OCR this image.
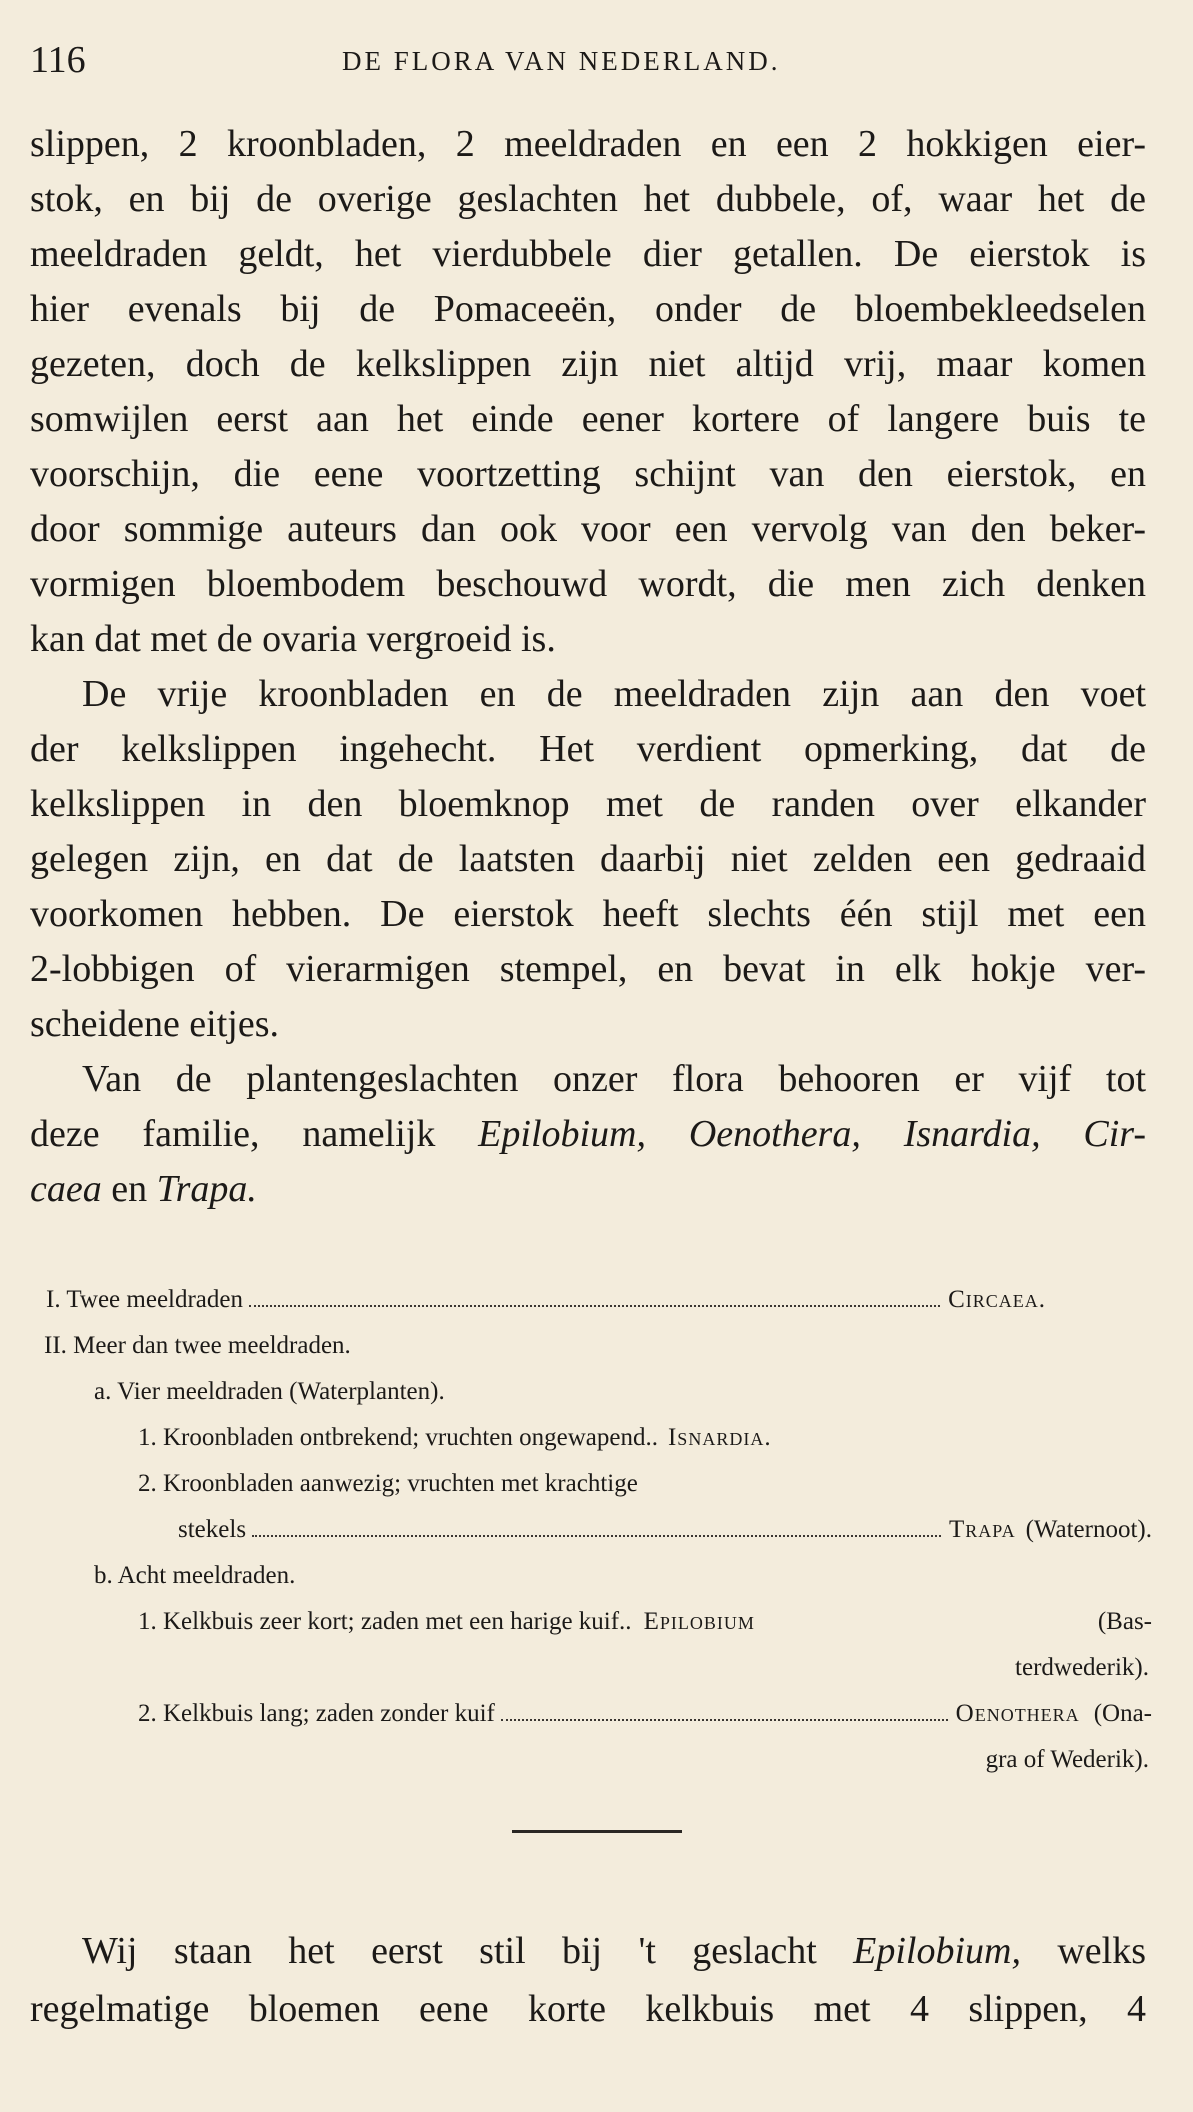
116	DE FLORA VAN NEDERLAND.

slippen, 2 kroonbladen, 2 meeldraden en een 2 hokkigen eier-

stok, en bij de overige geslachten het dubbele, of, waar het de

meeldraden geldt, het vierdubbele dier getallen. De eierstok is

hier evenals bij de Pomaceeën, onder de bloembekleedselen

gezeten, doch de kelkslippen zijn niet altijd vrij, maar komen

somwijlen eerst aan het einde eener kortere of langere buis te

voorschijn, die eene voortzetting schijnt van den eierstok, en

door sommige auteurs dan ook voor een vervolg van den beker-

vormigen bloembodem beschouwd wordt, die men zich denken

kan dat met de ovaria vergroeid is.

De vrije kroonbladen en de meeldraden zijn aan den voet

der kelkslippen ingehecht. Het verdient opmerking, dat de

kelkslippen in den bloemknop met de randen over elkander

gelegen zijn, en dat de laatsten daarbij niet zelden een gedraaid

voorkomen hebben. De eierstok heeft slechts één stijl met een

2-lobbigen of vierarmigen stempel, en bevat in elk hokje ver-

scheidene eitjes.

Van de plantengeslachten onzer flora behooren er vijf tot

deze familie, namelijk Epilobium, Oenothera, Isnardia, Cir-

caea en Trapa.

I. Twee meeldraden	Circaea.
II. Meer dan twee meeldraden.
a. Vier meeldraden (Waterplanten).
1. Kroonbladen ontbrekend; vruchten ongewapend.. Isnardia.
2. Kroonbladen aanwezig; vruchten met krachtige
stekels	Trapa (Waternoot).
b. Acht meeldraden.
1. Kelkbuis zeer kort; zaden met een harige kuif.. Epilobium	(Bas-
terdwederik).
2. Kelkbuis lang; zaden zonder kuif	Oenothera (Ona-
gra of Wederik).

Wij staan het eerst stil bij 't geslacht Epilobium, welks

regelmatige bloemen eene korte kelkbuis met 4 slippen, 4
